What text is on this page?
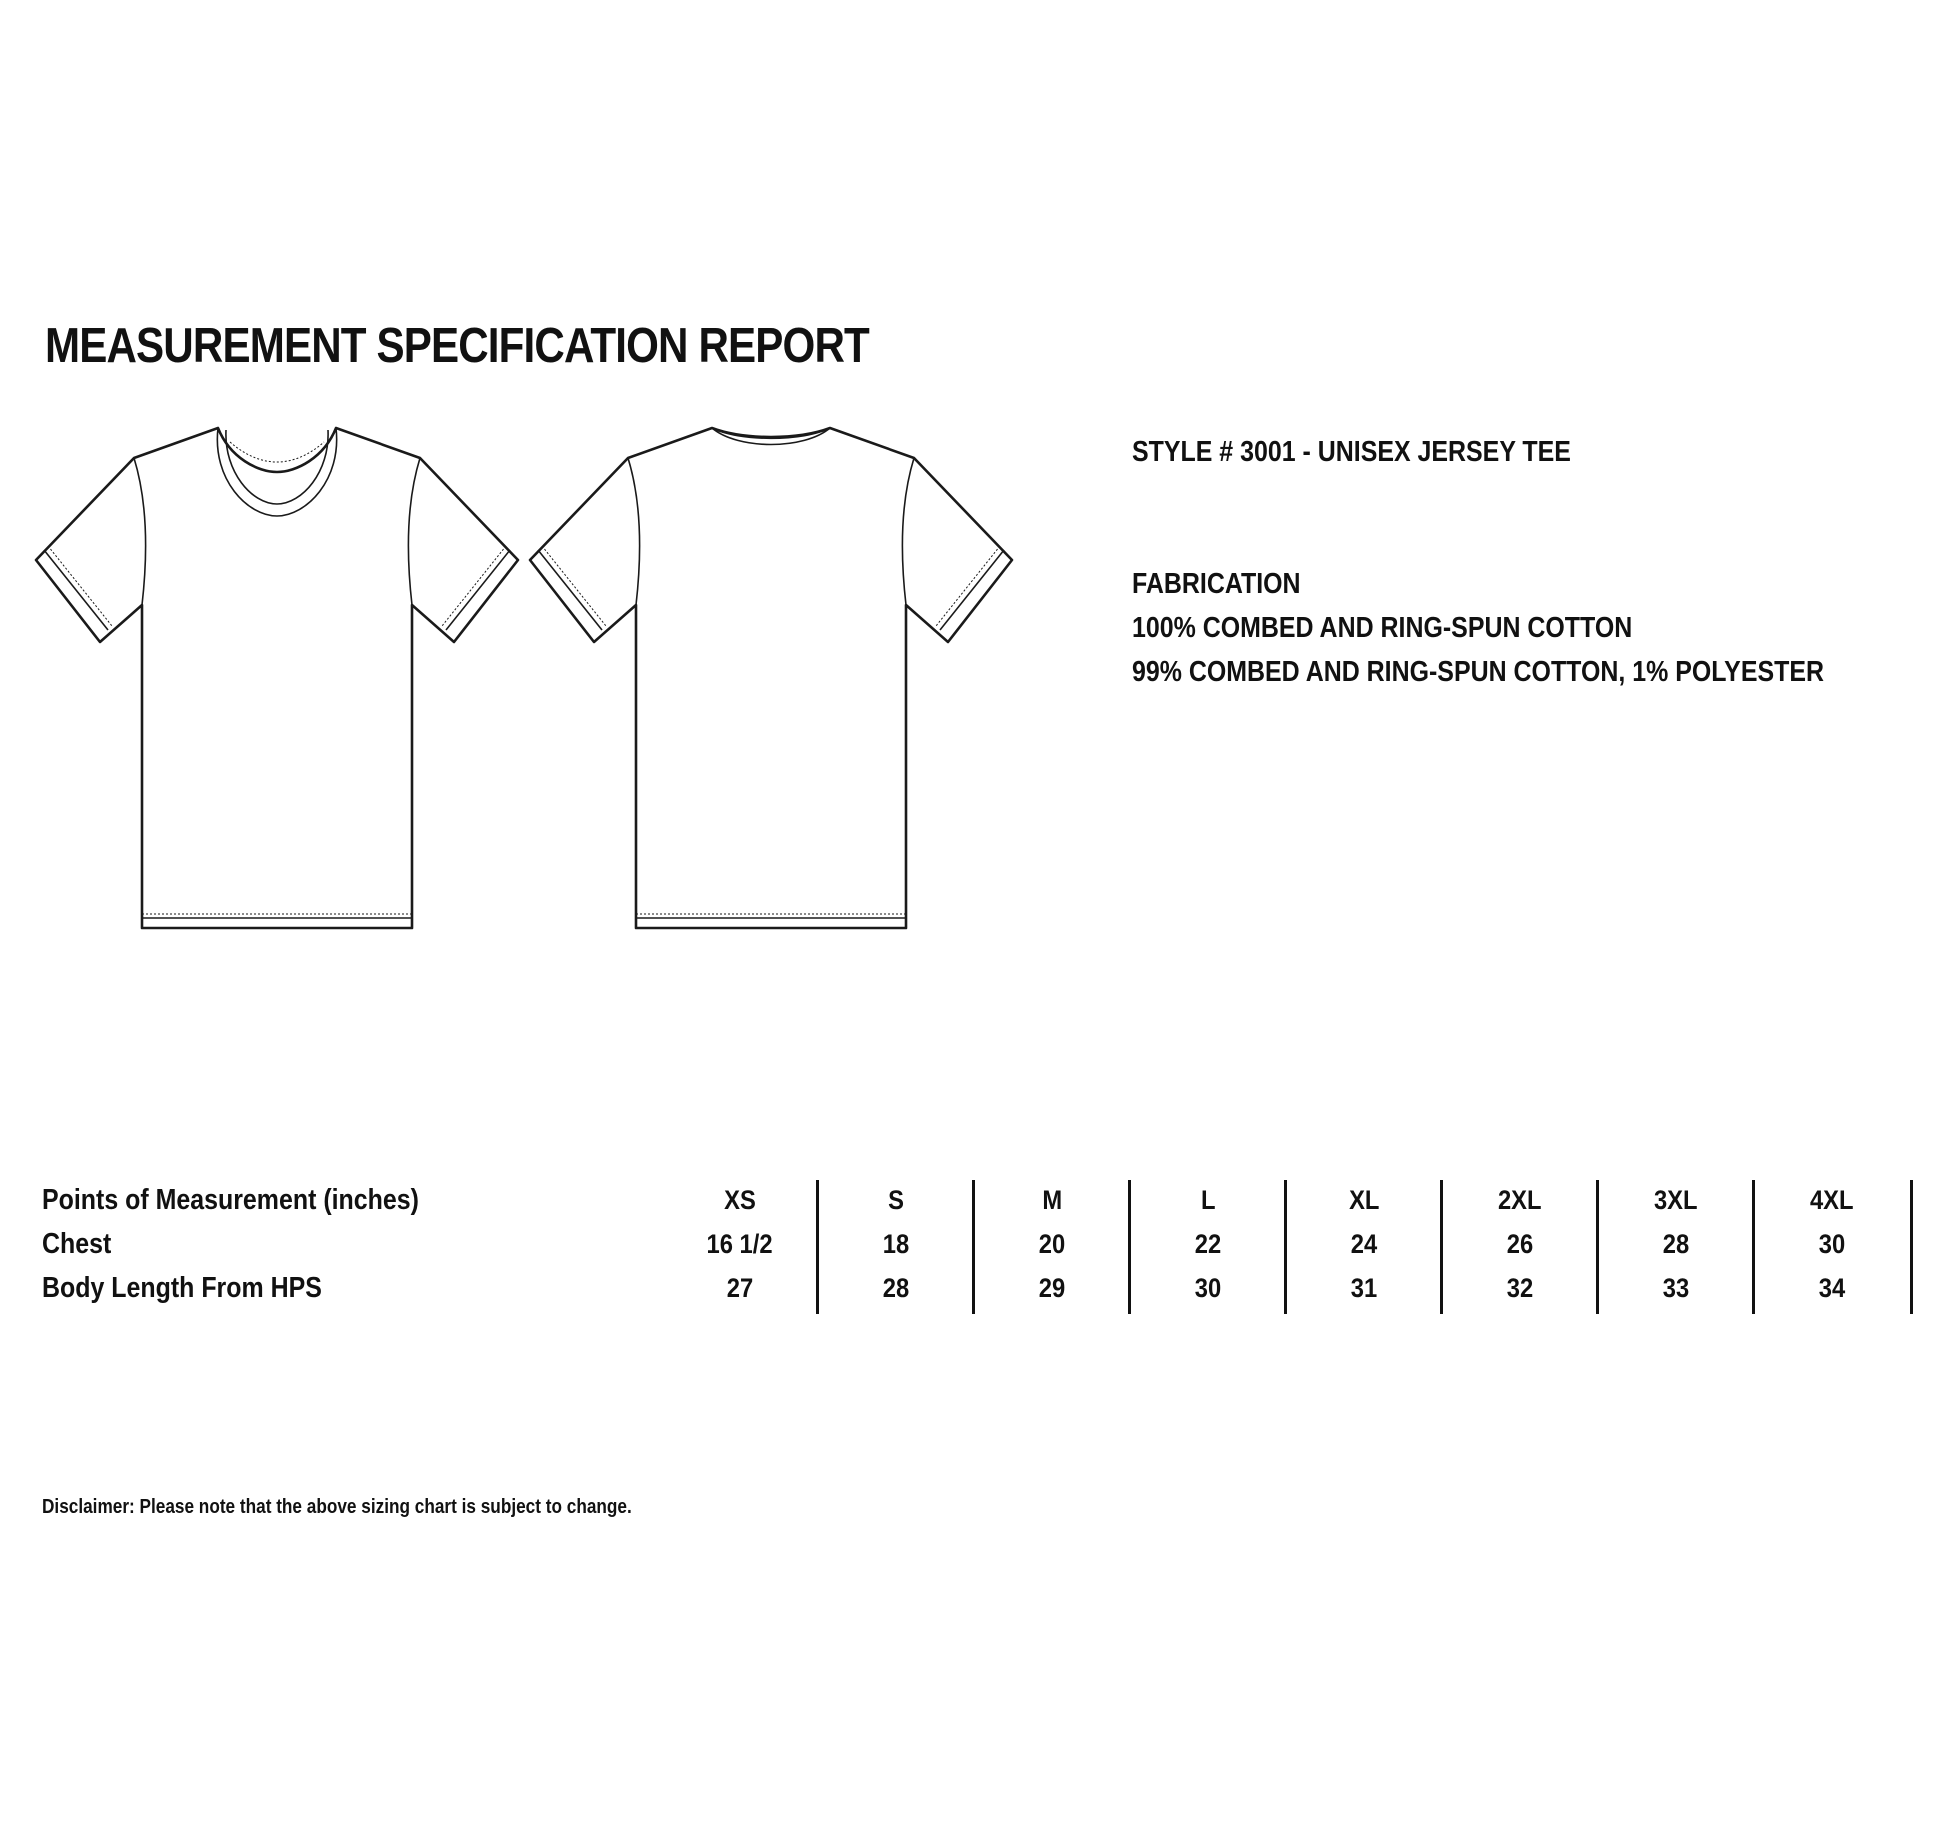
MEASUREMENT SPECIFICATION REPORT
STYLE # 3001 - UNISEX JERSEY TEE
FABRICATION
100% COMBED AND RING-SPUN COTTON
99% COMBED AND RING-SPUN COTTON, 1% POLYESTER
Points of Measurement (inches)
Chest
Body Length From HPS
XS
16 1/2
27
S
18
28
M
20
29
L
22
30
XL
24
31
2XL
26
32
3XL
28
33
4XL
30
34
Disclaimer: Please note that the above sizing chart is subject to change.
